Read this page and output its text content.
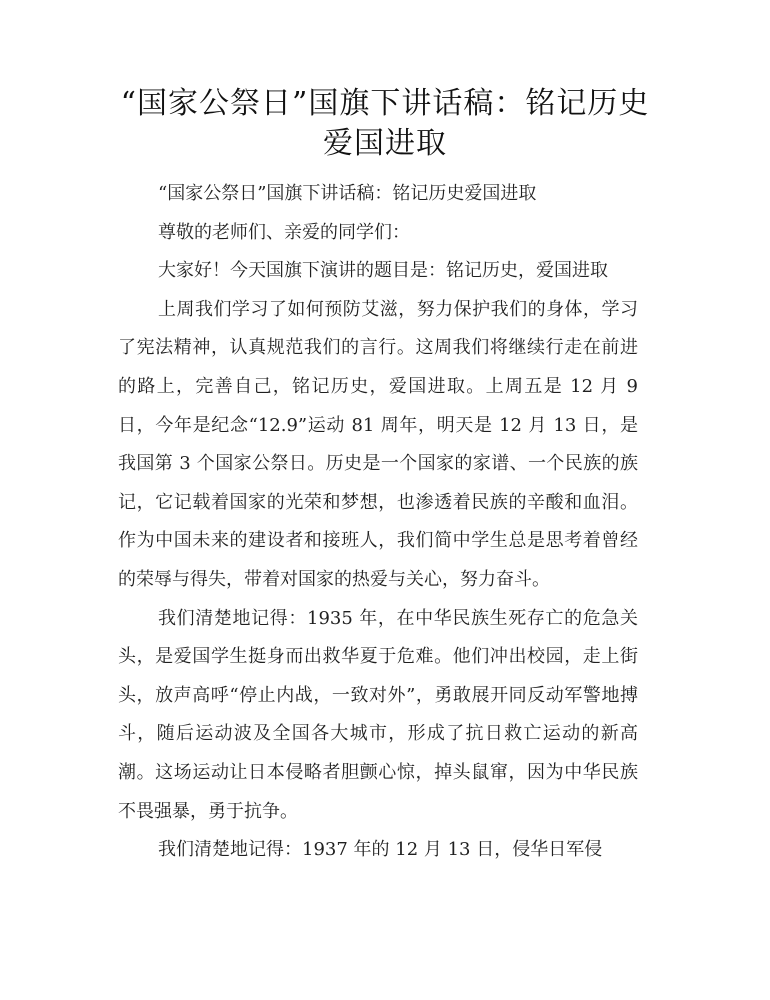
“国家公祭日”国旗下讲话稿：铭记历史 爱国进取

“国家公祭日”国旗下讲话稿：铭记历史爱国进取

尊敬的老师们、亲爱的同学们：

大家好！今天国旗下演讲的题目是：铭记历史，爱国进取

上周我们学习了如何预防艾滋，努力保护我们的身体，学习了宪法精神，认真规范我们的言行。这周我们将继续行走在前进的路上，完善自己，铭记历史，爱国进取。上周五是 12 月 9 日，今年是纪念“12.9”运动 81 周年，明天是 12 月 13 日，是我国第 3 个国家公祭日。历史是一个国家的家谱、一个民族的族记，它记载着国家的光荣和梦想，也渗透着民族的辛酸和血泪。作为中国未来的建设者和接班人，我们简中学生总是思考着曾经的荣辱与得失，带着对国家的热爱与关心，努力奋斗。

我们清楚地记得：1935 年，在中华民族生死存亡的危急关头，是爱国学生挺身而出救华夏于危难。他们冲出校园，走上街头，放声高呼“停止内战，一致对外”，勇敢展开同反动军警地搏斗，随后运动波及全国各大城市，形成了抗日救亡运动的新高潮。这场运动让日本侵略者胆颤心惊，掉头鼠窜，因为中华民族不畏强暴，勇于抗争。

我们清楚地记得：1937 年的 12 月 13 日，侵华日军侵
